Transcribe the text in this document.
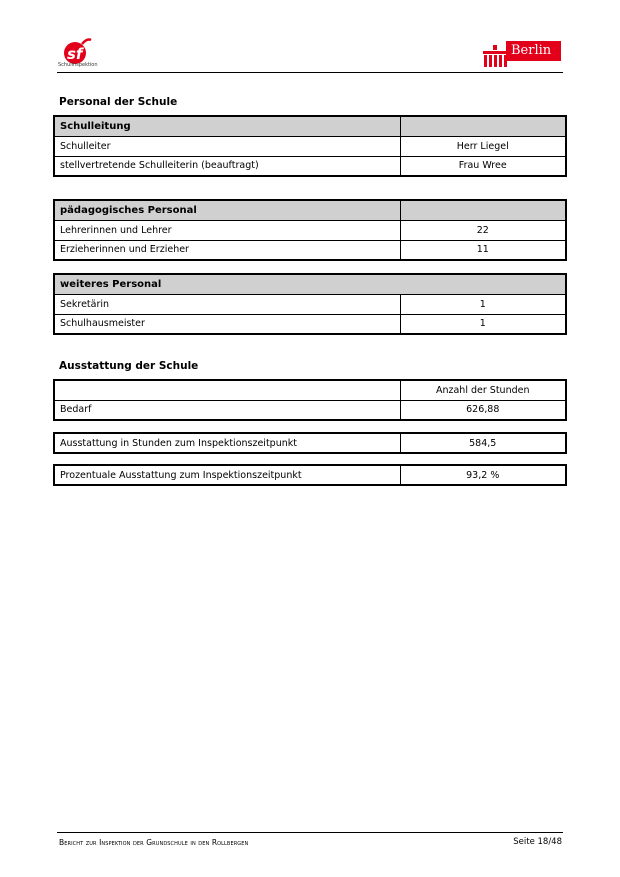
sf
Schulinspektion
Berlin
Personal der Schule
Schulleitung	
Schulleiter	Herr Liegel
stellvertretende Schulleiterin (beauftragt)	Frau Wree
pädagogisches Personal	
Lehrerinnen und Lehrer	22
Erzieherinnen und Erzieher	11
weiteres Personal	
Sekretärin	1
Schulhausmeister	1
Ausstattung der Schule
	Anzahl der Stunden
Bedarf	626,88
Ausstattung in Stunden zum Inspektionszeitpunkt	584,5
Prozentuale Ausstattung zum Inspektionszeitpunkt	93,2 %
Bericht zur Inspektion der Grundschule in den Rollbergen	Seite 18/48
